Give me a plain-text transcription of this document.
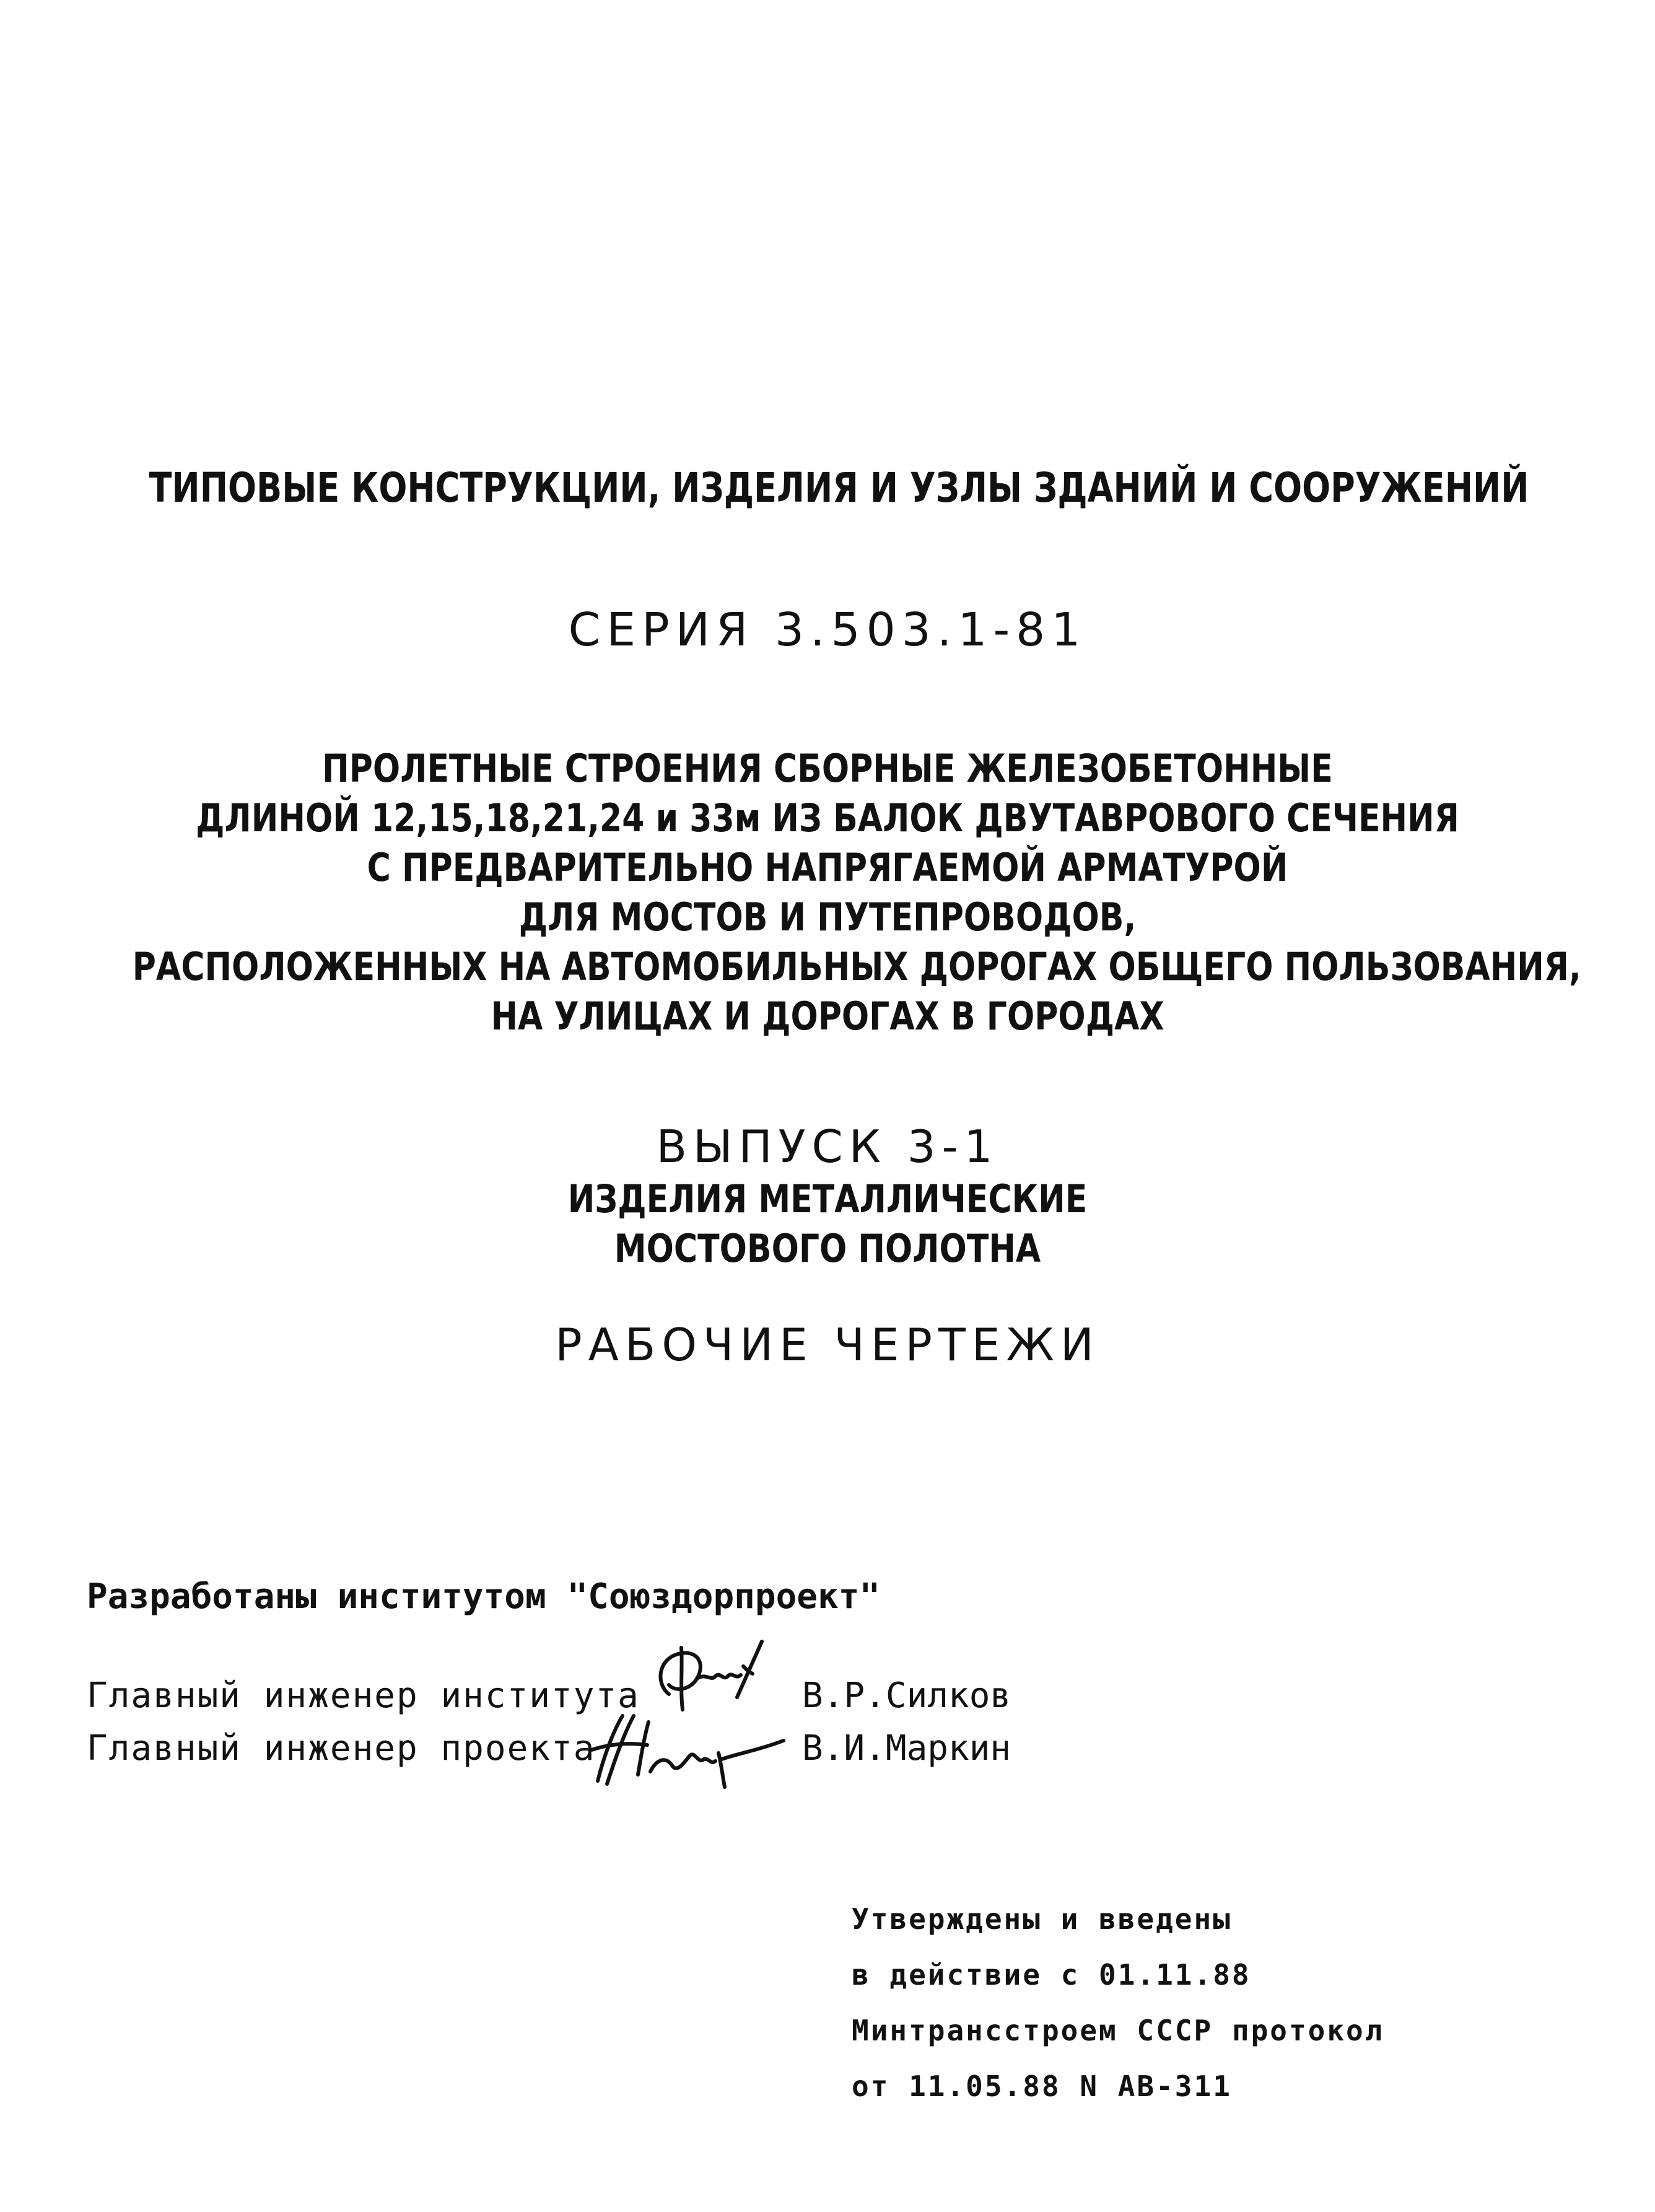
ТИПОВЫЕ КОНСТРУКЦИИ, ИЗДЕЛИЯ И УЗЛЫ ЗДАНИЙ И СООРУЖЕНИЙ
СЕРИЯ 3.503.1-81
ПРОЛЕТНЫЕ СТРОЕНИЯ СБОРНЫЕ ЖЕЛЕЗОБЕТОННЫЕ
ДЛИНОЙ 12,15,18,21,24 и 33м ИЗ БАЛОК ДВУТАВРОВОГО СЕЧЕНИЯ
С ПРЕДВАРИТЕЛЬНО НАПРЯГАЕМОЙ АРМАТУРОЙ
ДЛЯ МОСТОВ И ПУТЕПРОВОДОВ,
РАСПОЛОЖЕННЫХ НА АВТОМОБИЛЬНЫХ ДОРОГАХ ОБЩЕГО ПОЛЬЗОВАНИЯ,
НА УЛИЦАХ И ДОРОГАХ В ГОРОДАХ
ВЫПУСК 3-1
ИЗДЕЛИЯ МЕТАЛЛИЧЕСКИЕ
МОСТОВОГО ПОЛОТНА
РАБОЧИЕ ЧЕРТЕЖИ
Разработаны институтом "Союздорпроект"
Главный инженер института	В.Р.Силков
Главный инженер проекта	В.И.Маркин
Утверждены и введены
в действие с 01.11.88
Минтрансстроем СССР протокол
от 11.05.88 N АВ-311
